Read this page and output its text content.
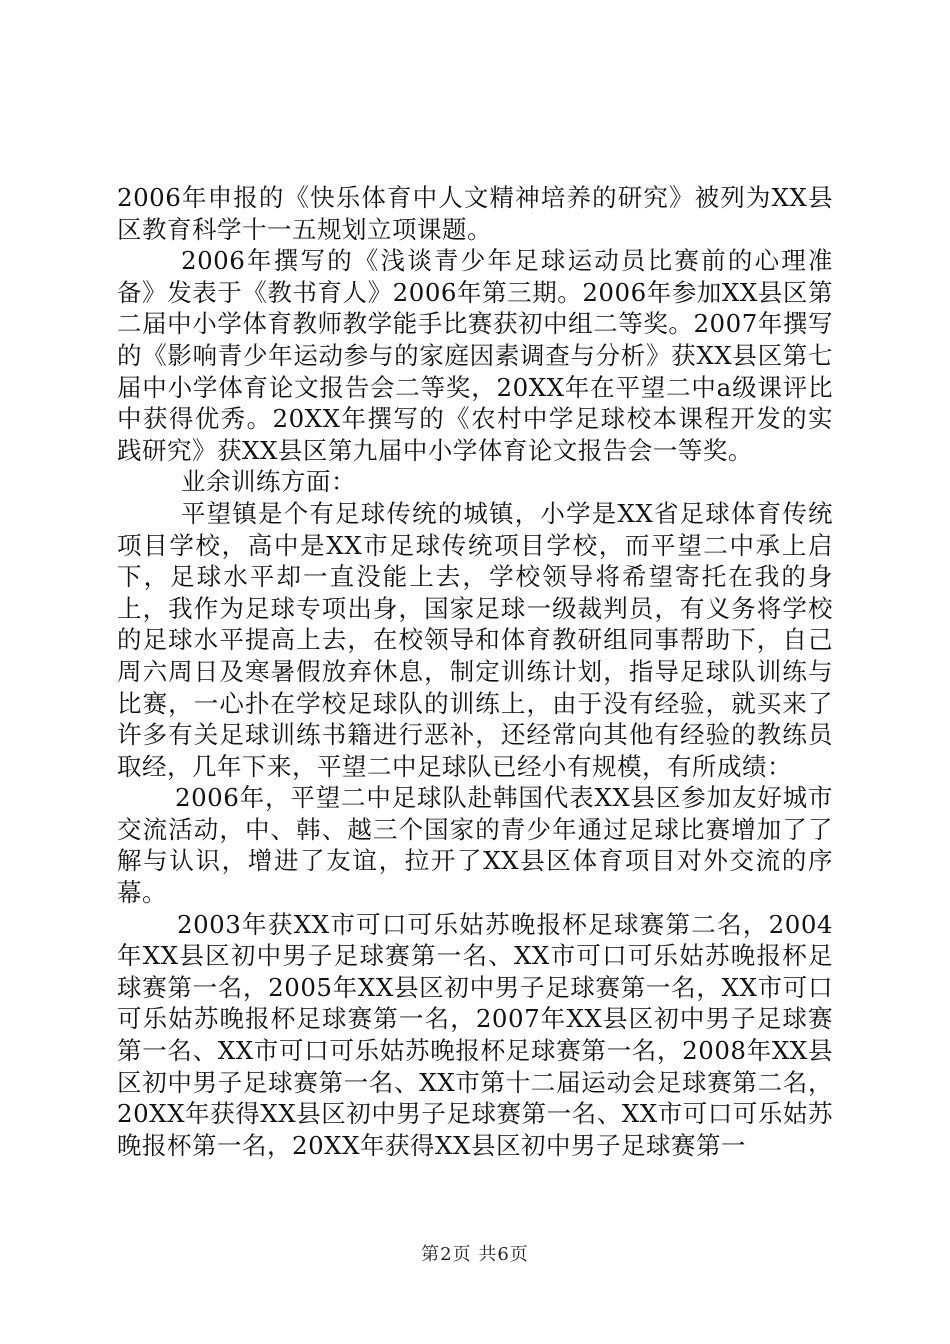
2006年申报的《快乐体育中人文精神培养的研究》被列为XX县区教育科学十一五规划立项课题。

2006年撰写的《浅谈青少年足球运动员比赛前的心理准备》发表于《教书育人》2006年第三期。2006年参加XX县区第二届中小学体育教师教学能手比赛获初中组二等奖。2007年撰写的《影响青少年运动参与的家庭因素调查与分析》获XX县区第七届中小学体育论文报告会二等奖，20XX年在平望二中a级课评比中获得优秀。20XX年撰写的《农村中学足球校本课程开发的实践研究》获XX县区第九届中小学体育论文报告会一等奖。

业余训练方面：

平望镇是个有足球传统的城镇，小学是XX省足球体育传统项目学校，高中是XX市足球传统项目学校，而平望二中承上启下，足球水平却一直没能上去，学校领导将希望寄托在我的身上，我作为足球专项出身，国家足球一级裁判员，有义务将学校的足球水平提高上去，在校领导和体育教研组同事帮助下，自己周六周日及寒暑假放弃休息，制定训练计划，指导足球队训练与比赛，一心扑在学校足球队的训练上，由于没有经验，就买来了许多有关足球训练书籍进行恶补，还经常向其他有经验的教练员取经，几年下来，平望二中足球队已经小有规模，有所成绩：

2006年，平望二中足球队赴韩国代表XX县区参加友好城市交流活动，中、韩、越三个国家的青少年通过足球比赛增加了了解与认识，增进了友谊，拉开了XX县区体育项目对外交流的序幕。

2003年获XX市可口可乐姑苏晚报杯足球赛第二名，2004年XX县区初中男子足球赛第一名、XX市可口可乐姑苏晚报杯足球赛第一名，2005年XX县区初中男子足球赛第一名，XX市可口可乐姑苏晚报杯足球赛第一名，2007年XX县区初中男子足球赛第一名、XX市可口可乐姑苏晚报杯足球赛第一名，2008年XX县区初中男子足球赛第一名、XX市第十二届运动会足球赛第二名，20XX年获得XX县区初中男子足球赛第一名、XX市可口可乐姑苏晚报杯第一名，20XX年获得XX县区初中男子足球赛第一

第2页 共6页
